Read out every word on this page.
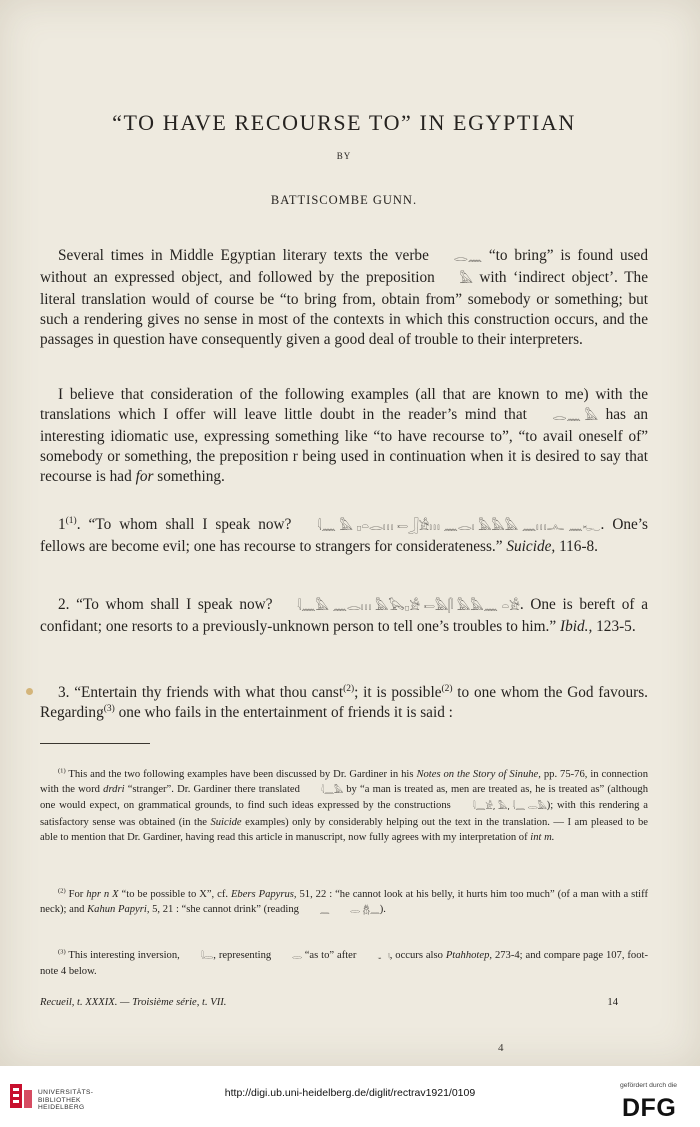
“TO HAVE RECOURSE TO” IN EGYPTIAN
BY
BATTISCOMBE GUNN.

Several times in Middle Egyptian literary texts the verbe 𓂋𓈖 “to bring” is found used without an expressed object, and followed by the preposition 𓅓 with ‘indirect object’. The literal translation would of course be “to bring from, obtain from” somebody or something; but such a rendering gives no sense in most of the contexts in which this construction occurs, and the passages in question have consequently given a good deal of trouble to their interpreters.

I believe that consideration of the following examples (all that are known to me) with the translations which I offer will leave little doubt in the reader’s mind that 𓂋𓈖 𓅓 has an interesting idiomatic use, expressing something like “to have recourse to”, “to avail oneself of” somebody or something, the preposition r being used in continuation when it is desired to say that recourse is had for something.

1$^{(1)}$. “To whom shall I speak now? 𓇋𓈖 𓅓 𓊪𓏏𓂋𓏥 𓍿𓃀𓀀𓏥 𓈖𓂋𓏤 𓅓𓅓𓅓 𓈖𓏥𓂜 𓈖𓆑. One’s fellows are become evil; one has recourse to strangers for considerateness.” Suicide, 116-8.

2. “To whom shall I speak now? 𓇋𓈖𓅓 𓈖𓂋𓏥 𓅓𓅂𓊪𓀀 𓍿𓅓𓋴 𓅓𓅓𓈖 𓏏𓀀. One is bereft of a confidant; one resorts to a previously-unknown person to tell one’s troubles to him.” Ibid., 123-5.

3. “Entertain thy friends with what thou canst$^{(2)}$; it is possible$^{(2)}$ to one whom the God favours. Regarding$^{(3)}$ one who fails in the entertainment of friends it is said :

$^{(1)}$ This and the two following examples have been discussed by Dr. Gardiner in his Notes on the Story of Sinuhe, pp. 75-76, in connection with the word drdri “stranger”. Dr. Gardiner there translated	𓇋𓈖𓅓 by “a man is treated as, men are treated as, he is treated as” (although one would expect, on grammatical grounds, to find such ideas expressed by the constructions	𓇋𓈖𓀀, 𓅓, 𓇋𓈖 𓂋𓅓); with this rendering a satisfactory sense was obtained (in the Suicide examples) only by considerably helping out the text in the translation. — I am pleased to be able to mention that Dr. Gardiner, having read this article in manuscript, now fully agrees with my interpretation of int m.

$^{(2)}$ For hpr n X “to be possible to X”, cf. Ebers Papyrus, 51, 22 : “he cannot look at his belly, it hurts him too much” (of a man with a stiff neck); and Kahun Papyri, 5, 21 : “she cannot drink” (reading 𓈖 𓂋 𓆣𓈖).

$^{(3)}$ This interesting inversion,	𓇋𓂋, representing	𓂋 “as to” after	𓂝, occurs also Ptahhotep, 273-4; and compare page 107, foot-note 4 below.

Recueil, t. XXXIX. — Troisième série, t. VII.	14
4
UNIVERSITÄTS-
BIBLIOTHEK
HEIDELBERG
http://digi.ub.uni-heidelberg.de/diglit/rectrav1921/0109
gefördert durch die
DFG
